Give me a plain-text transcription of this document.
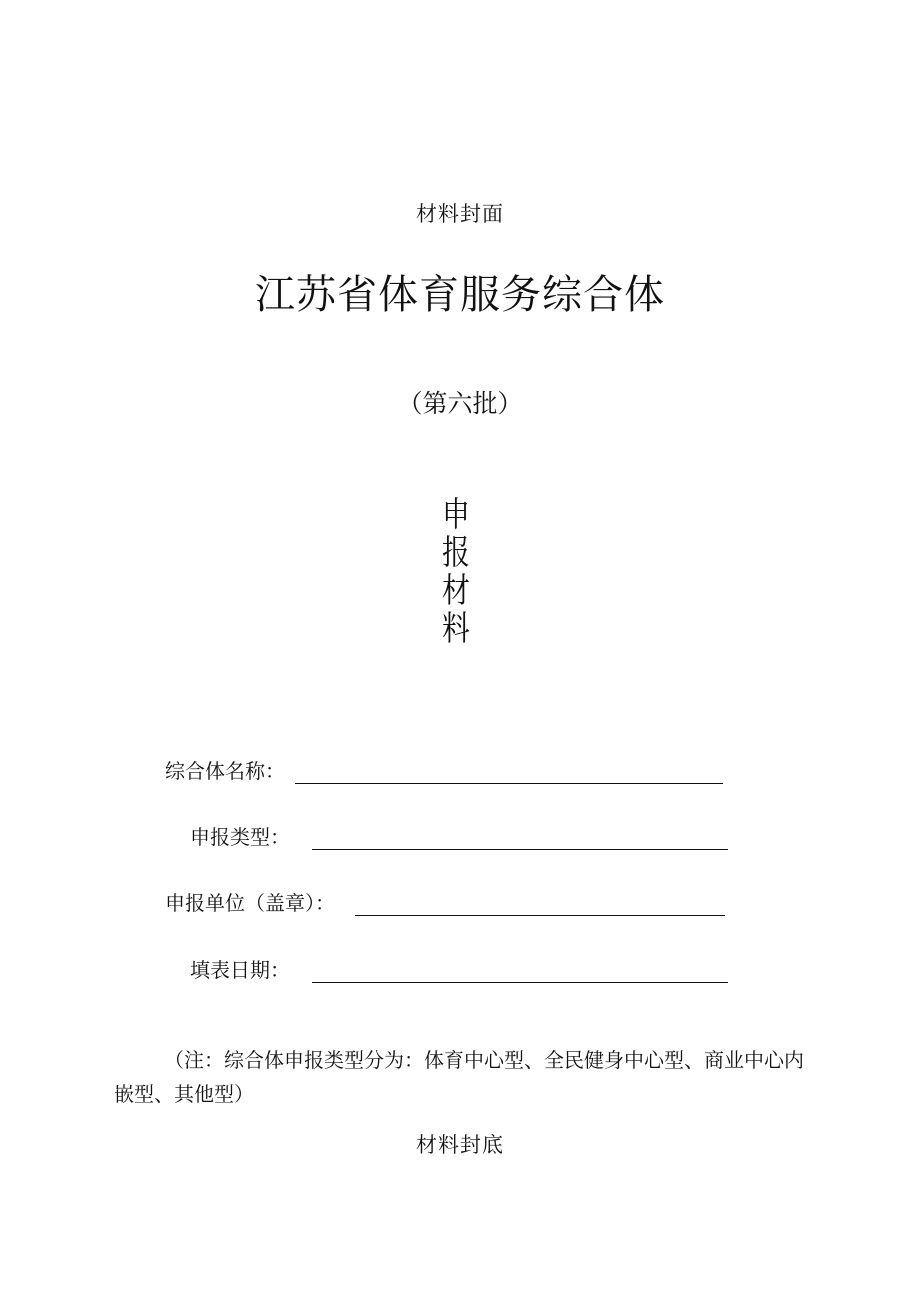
材料封面
江苏省体育服务综合体
（第六批）
申
报
材
料
综合体名称：
申报类型：
申报单位（盖章）：
填表日期：
（注：综合体申报类型分为：体育中心型、全民健身中心型、商业中心内嵌型、其他型）
材料封底
